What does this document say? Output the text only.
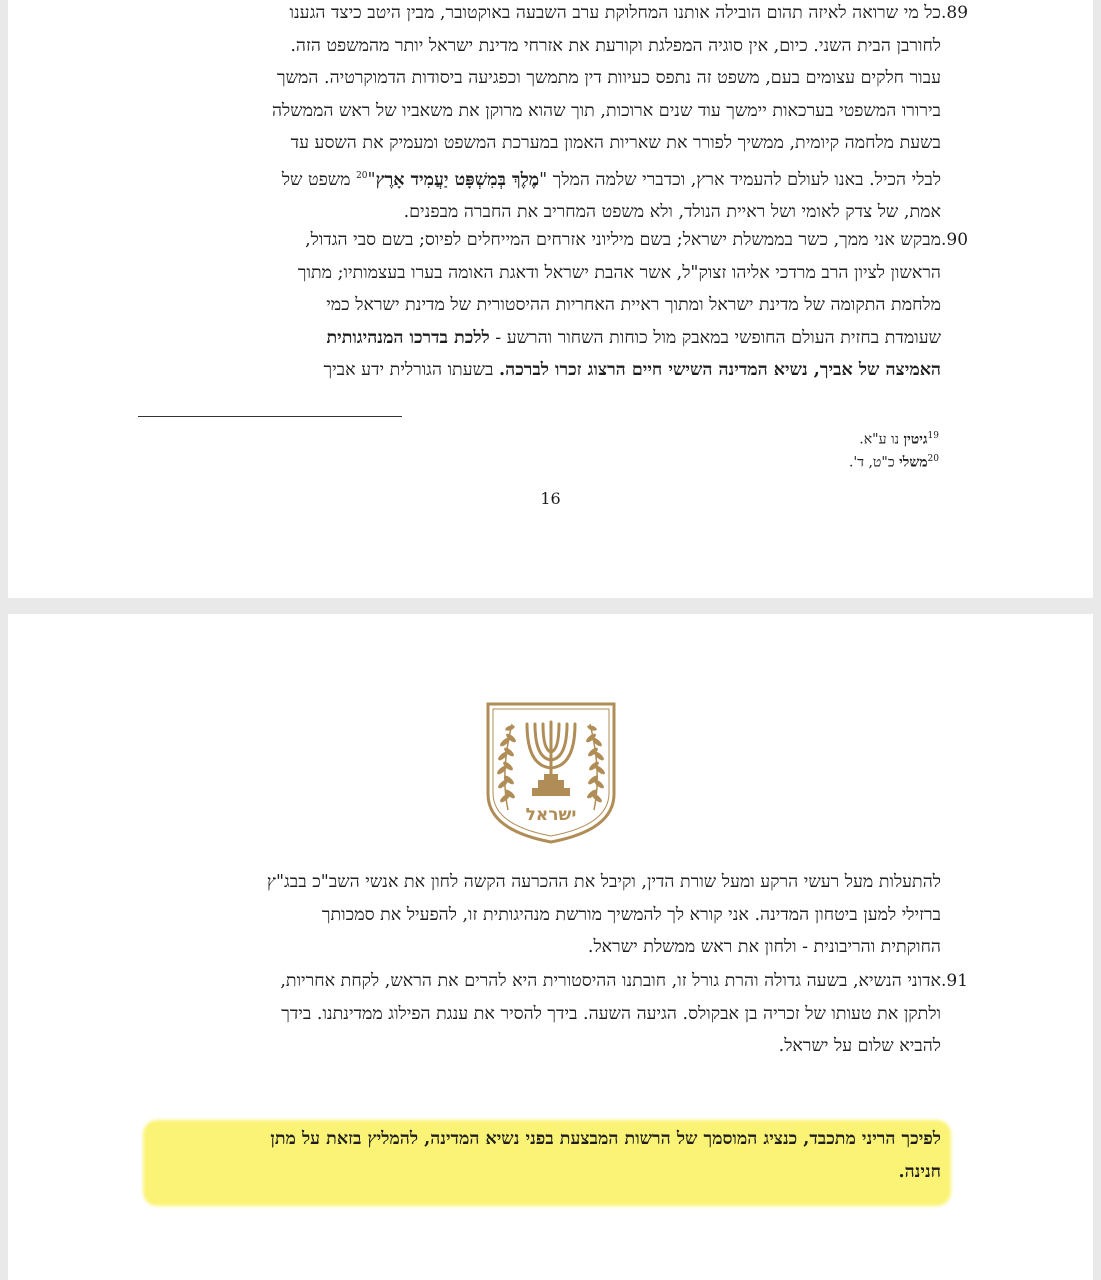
.89
כל מי שרואה לאיזה תהום הובילה אותנו המחלוקת ערב השבעה באוקטובר, מבין היטב כיצד הגענו
לחורבן הבית השני. כיום, אין סוגיה המפלגת וקורעת את אזרחי מדינת ישראל יותר מהמשפט הזה.
עבור חלקים עצומים בעם, משפט זה נתפס כעיוות דין מתמשך וכפגיעה ביסודות הדמוקרטיה. המשך
בירורו המשפטי בערכאות יימשך עוד שנים ארוכות, תוך שהוא מרוקן את משאביו של ראש הממשלה
בשעת מלחמה קיומית, ממשיך לפורר את שאריות האמון במערכת המשפט ומעמיק את השסע עד
לבלי הכיל. באנו לעולם להעמיד ארץ, וכדברי שלמה המלך "מֶלֶךְ בְּמִשְׁפָּט יַעֲמִיד אָרֶץ"$^{20}$ משפט של
אמת, של צדק לאומי ושל ראיית הנולד, ולא משפט המחריב את החברה מבפנים.
.90
מבקש אני ממך, כשר בממשלת ישראל; בשם מיליוני אזרחים המייחלים לפיוס; בשם סבי הגדול,
הראשון לציון הרב מרדכי אליהו זצוק"ל, אשר אהבת ישראל ודאגת האומה בערו בעצמותיו; מתוך
מלחמת התקומה של מדינת ישראל ומתוך ראיית האחריות ההיסטורית של מדינת ישראל כמי
שעומדת בחזית העולם החופשי במאבק מול כוחות השחור והרשע - ללכת בדרכו המנהיגותית
האמיצה של אביך, נשיא המדינה השישי חיים הרצוג זכרו לברכה. בשעתו הגורלית ידע אביך
$^{19}$גיטין נו ע"א.
$^{20}$משלי כ"ט, ד'.
16
ישראל
להתעלות מעל רעשי הרקע ומעל שורת הדין, וקיבל את ההכרעה הקשה לחון את אנשי השב"כ בבג"ץ
ברזילי למען ביטחון המדינה. אני קורא לך להמשיך מורשת מנהיגותית זו, להפעיל את סמכותך
החוקתית והריבונית - ולחון את ראש ממשלת ישראל.
.91
אדוני הנשיא, בשעה גדולה והרת גורל זו, חובתנו ההיסטורית היא להרים את הראש, לקחת אחריות,
ולתקן את טעותו של זכריה בן אבקולס. הגיעה השעה. בידך להסיר את ענגת הפילוג ממדינתנו. בידך
להביא שלום על ישראל.
לפיכך הריני מתכבד, כנציג המוסמך של הרשות המבצעת בפני נשיא המדינה, להמליץ בזאת על מתן
חנינה.
